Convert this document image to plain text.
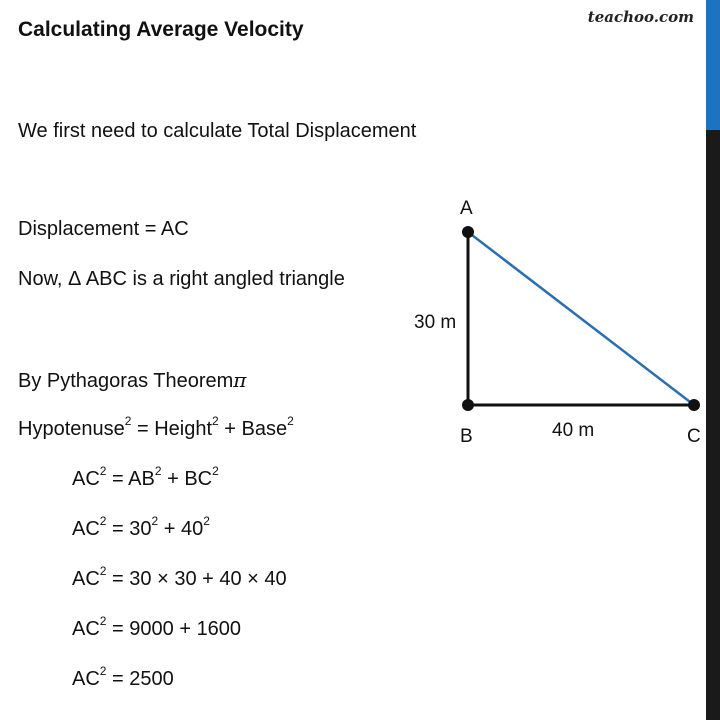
Calculating Average Velocity
teachoo.com
We first need to calculate Total Displacement
Displacement = AC
Now, Δ ABC is a right angled triangle
By Pythagoras Theoremπ
Hypotenuse$^2$ = Height$^2$ + Base$^2$
$AC^2 = AB^2 + BC^2$
$AC^2 = 30^2 + 40^2$
$AC^2 = 30 \times 30 + 40 \times 40$
$AC^2 = 9000 + 1600$
$AC^2 = 2500$
A
B	C
30 m
40 m
